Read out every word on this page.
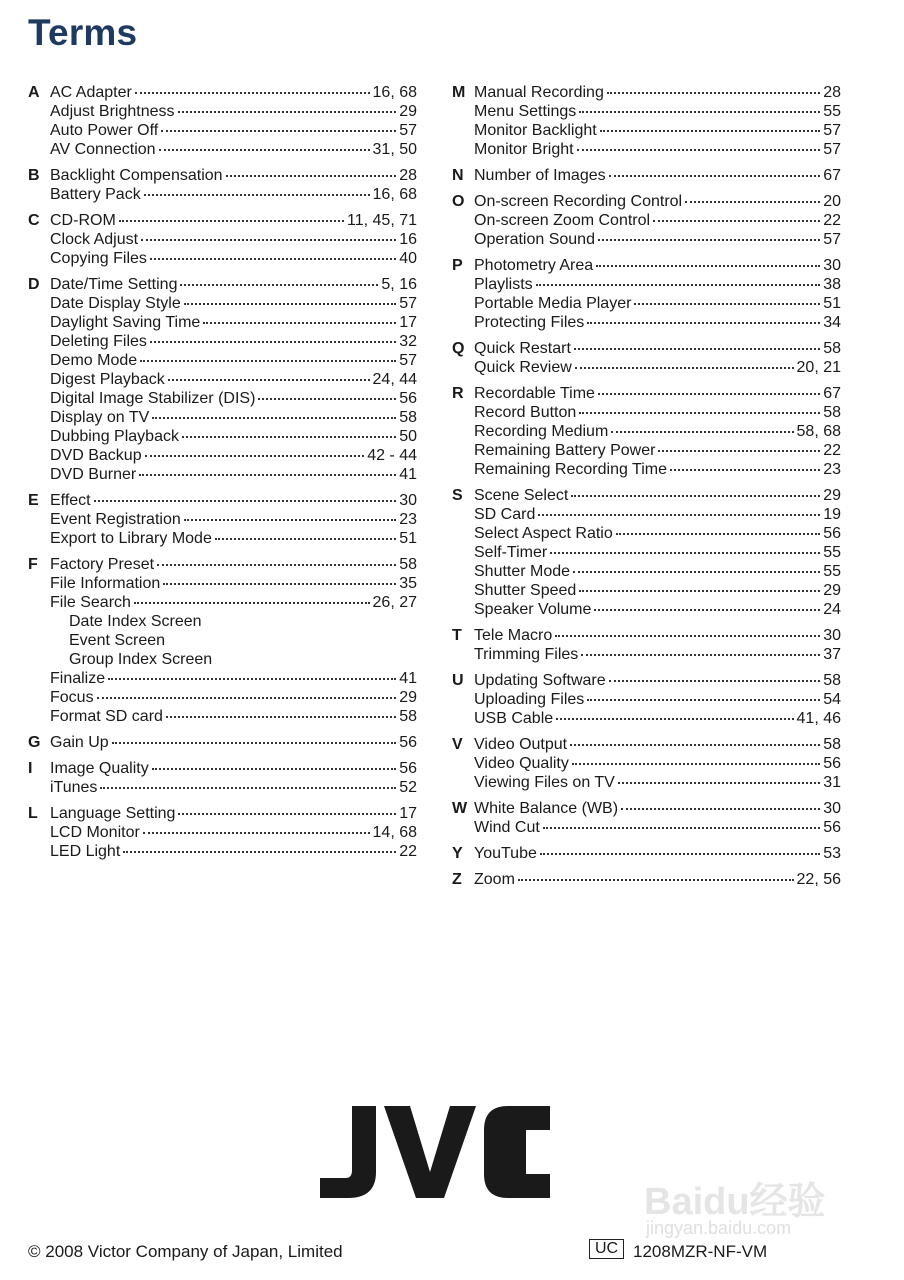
Terms
A AC Adapter	16, 68
Adjust Brightness	29
Auto Power Off	57
AV Connection	31, 50
B Backlight Compensation	28
Battery Pack	16, 68
C CD-ROM	11, 45, 71
Clock Adjust	16
Copying Files	40
D Date/Time Setting	5, 16
Date Display Style	57
Daylight Saving Time	17
Deleting Files	32
Demo Mode	57
Digest Playback	24, 44
Digital Image Stabilizer (DIS)	56
Display on TV	58
Dubbing Playback	50
DVD Backup	42 - 44
DVD Burner	41
E Effect	30
Event Registration	23
Export to Library Mode	51
F Factory Preset	58
File Information	35
File Search	26, 27
Date Index Screen
Event Screen
Group Index Screen
Finalize	41
Focus	29
Format SD card	58
G Gain Up	56
I Image Quality	56
iTunes	52
L Language Setting	17
LCD Monitor	14, 68
LED Light	22
M Manual Recording	28
Menu Settings	55
Monitor Backlight	57
Monitor Bright	57
N Number of Images	67
O On-screen Recording Control	20
On-screen Zoom Control	22
Operation Sound	57
P Photometry Area	30
Playlists	38
Portable Media Player	51
Protecting Files	34
Q Quick Restart	58
Quick Review	20, 21
R Recordable Time	67
Record Button	58
Recording Medium	58, 68
Remaining Battery Power	22
Remaining Recording Time	23
S Scene Select	29
SD Card	19
Select Aspect Ratio	56
Self-Timer	55
Shutter Mode	55
Shutter Speed	29
Speaker Volume	24
T Tele Macro	30
Trimming Files	37
U Updating Software	58
Uploading Files	54
USB Cable	41, 46
V Video Output	58
Video Quality	56
Viewing Files on TV	31
W White Balance (WB)	30
Wind Cut	56
Y YouTube	53
Z Zoom	22, 56
Baidu经验
jingyan.baidu.com
© 2008 Victor Company of Japan, Limited	UC 1208MZR-NF-VM
